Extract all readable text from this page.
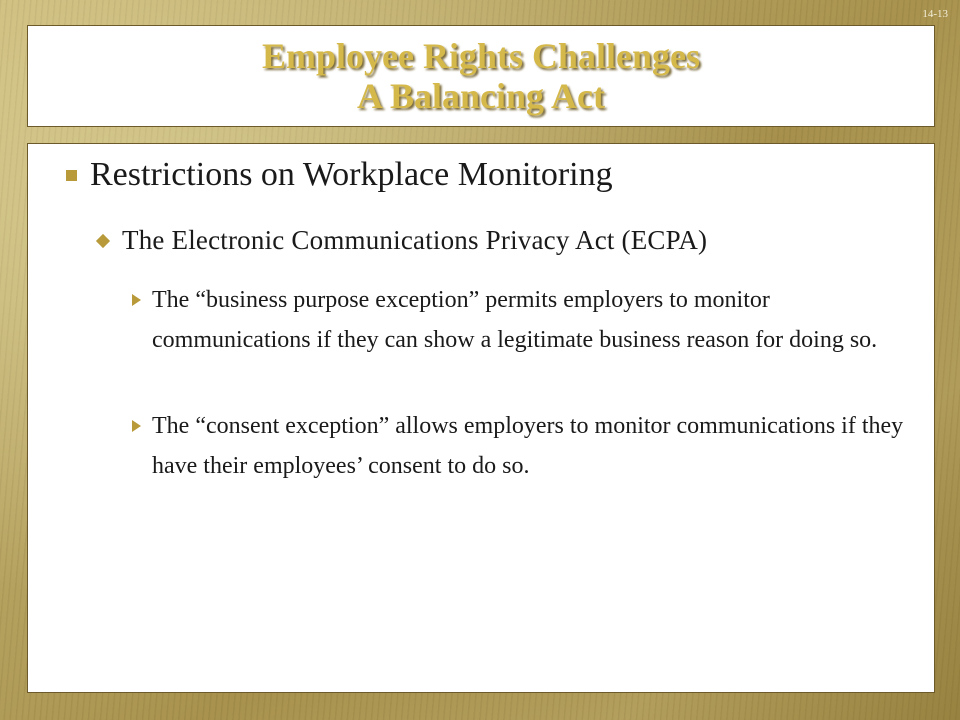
14-13
Employee Rights Challenges
A Balancing Act
Restrictions on Workplace Monitoring
The Electronic Communications Privacy Act (ECPA)
The “business purpose exception” permits employers to monitor communications if they can show a legitimate business reason for doing so.
The “consent exception” allows employers to monitor communications if they have their employees’ consent to do so.
